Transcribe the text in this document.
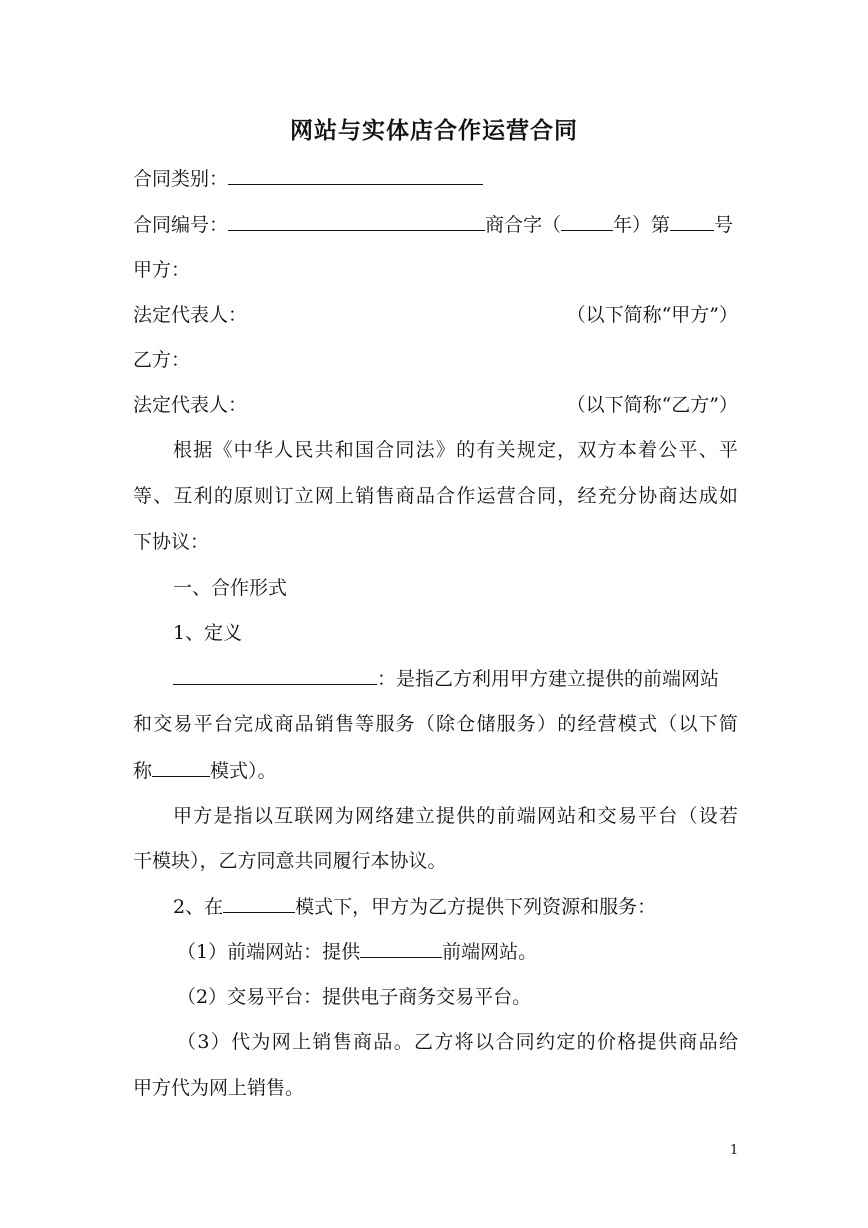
网站与实体店合作运营合同
合同类别：
合同编号：	商合字（	年）第 号
甲方：
法定代表人：	（以下简称“甲方”）
乙方：
法定代表人：	（以下简称“乙方”）
根 据 《 中 华 人 民 共 和 国 合 同 法 》 的 有 关 规 定 ， 双 方 本 着 公 平 、 平
等 、 互 利 的 原 则 订 立 网 上 销 售 商 品 合 作 运 营 合 同 ， 经 充 分 协 商 达 成 如
下协议：
一、合作形式
1、定义
：是指乙方利用甲方建立提供的前端网站
和 交 易 平 台 完 成 商 品 销 售 等 服 务 （ 除 仓 储 服 务 ） 的 经 营 模 式 （ 以 下 简
称	模式）。
甲 方 是 指 以 互 联 网 为 网 络 建 立 提 供 的 前 端 网 站 和 交 易 平 台 （ 设 若
干模块），乙方同意共同履行本协议。
2、在	模式下，甲方为乙方提供下列资源和服务：
（1）前端网站：提供	前端网站。
（2）交易平台：提供电子商务交易平台。
（ 3 ） 代 为 网 上 销 售 商 品 。 乙 方 将 以 合 同 约 定 的 价 格 提 供 商 品 给
甲方代为网上销售。
1
